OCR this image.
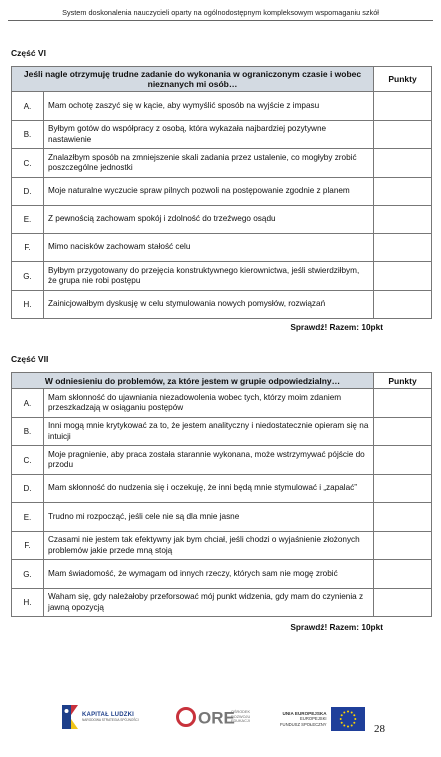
System doskonalenia nauczycieli oparty na ogólnodostępnym kompleksowym wspomaganiu szkół
Część VI
Jeśli nagle otrzymuję trudne zadanie do wykonania w ograniczonym czasie i wobec nieznanych mi osób…		Punkty
A.	Mam ochotę zaszyć się w kącie, aby wymyślić sposób na wyjście z impasu	
B.	Byłbym gotów do współpracy z osobą, która wykazała najbardziej pozytywne nastawienie	
C.	Znalazłbym sposób na zmniejszenie skali zadania przez ustalenie, co mogłyby zrobić poszczególne jednostki	
D.	Moje naturalne wyczucie spraw pilnych pozwoli na postępowanie zgodnie z planem	
E.	Z pewnością zachowam spokój i zdolność do trzeźwego osądu	
F.	Mimo nacisków zachowam stałość celu	
G.	Byłbym przygotowany do przejęcia konstruktywnego kierownictwa, jeśli stwierdziłbym, że grupa nie robi postępu	
H.	Zainicjowałbym dyskusję w celu stymulowania nowych pomysłów, rozwiązań	
Sprawdź! Razem: 10pkt
Część VII
W odniesieniu do problemów, za które jestem w grupie odpowiedzialny…		Punkty
A.	Mam skłonność do ujawniania niezadowolenia wobec tych, którzy moim zdaniem przeszkadzają w osiąganiu postępów	
B.	Inni mogą mnie krytykować za to, że jestem analityczny i niedostatecznie opieram się na intuicji	
C.	Moje pragnienie, aby praca została starannie wykonana, może wstrzymywać pójście do przodu	
D.	Mam skłonność do nudzenia się i oczekuję, że inni będą mnie stymulować i „zapalać”	
E.	Trudno mi rozpocząć, jeśli cele nie są dla mnie jasne	
F.	Czasami nie jestem tak efektywny jak bym chciał, jeśli chodzi o wyjaśnienie złożonych problemów jakie przede mną stoją	
G.	Mam świadomość, że wymagam od innych rzeczy, których sam nie mogę zrobić	
H.	Waham się, gdy należałoby przeforsować mój punkt widzenia, gdy mam do czynienia z jawną opozycją	
Sprawdź! Razem: 10pkt
KAPITAŁ LUDZKI
NARODOWA STRATEGIA SPÓJNOŚCI	ORE
OŚRODEK
ROZWOJU
EDUKACJI
UNIA EUROPEJSKA
EUROPEJSKI
FUNDUSZ SPOŁECZNY	28
